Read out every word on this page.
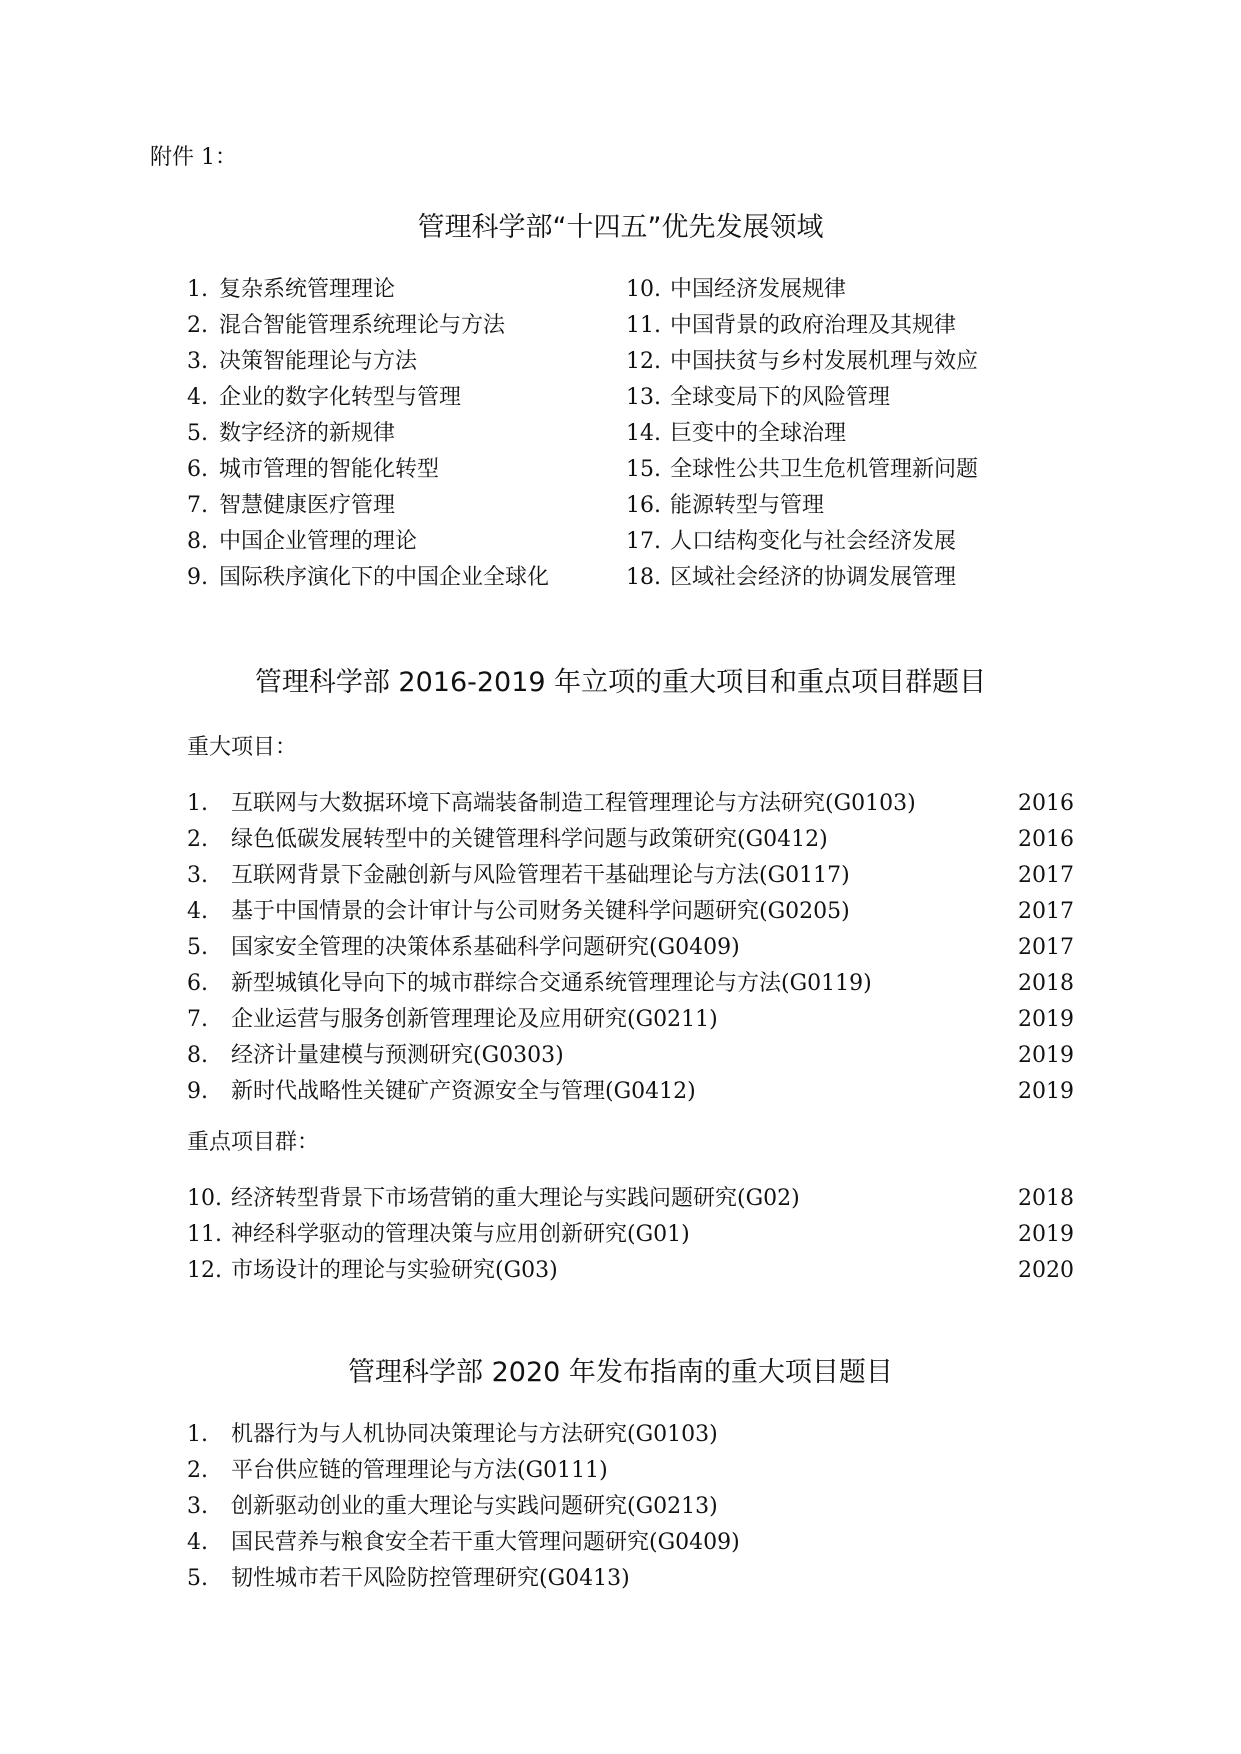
附件 1：
管理科学部“十四五”优先发展领域
1. 复杂系统管理理论
2. 混合智能管理系统理论与方法
3. 决策智能理论与方法
4. 企业的数字化转型与管理
5. 数字经济的新规律
6. 城市管理的智能化转型
7. 智慧健康医疗管理
8. 中国企业管理的理论
9. 国际秩序演化下的中国企业全球化
10. 中国经济发展规律
11. 中国背景的政府治理及其规律
12. 中国扶贫与乡村发展机理与效应
13. 全球变局下的风险管理
14. 巨变中的全球治理
15. 全球性公共卫生危机管理新问题
16. 能源转型与管理
17. 人口结构变化与社会经济发展
18. 区域社会经济的协调发展管理
管理科学部 2016-2019 年立项的重大项目和重点项目群题目
重大项目：
1. 互联网与大数据环境下高端装备制造工程管理理论与方法研究(G0103)	2016
2. 绿色低碳发展转型中的关键管理科学问题与政策研究(G0412)	2016
3. 互联网背景下金融创新与风险管理若干基础理论与方法(G0117)	2017
4. 基于中国情景的会计审计与公司财务关键科学问题研究(G0205)	2017
5. 国家安全管理的决策体系基础科学问题研究(G0409)	2017
6. 新型城镇化导向下的城市群综合交通系统管理理论与方法(G0119)	2018
7. 企业运营与服务创新管理理论及应用研究(G0211)	2019
8. 经济计量建模与预测研究(G0303)	2019
9. 新时代战略性关键矿产资源安全与管理(G0412)	2019
重点项目群：
10. 经济转型背景下市场营销的重大理论与实践问题研究(G02)	2018
11. 神经科学驱动的管理决策与应用创新研究(G01)	2019
12. 市场设计的理论与实验研究(G03)	2020
管理科学部 2020 年发布指南的重大项目题目
1. 机器行为与人机协同决策理论与方法研究(G0103)
2. 平台供应链的管理理论与方法(G0111)
3. 创新驱动创业的重大理论与实践问题研究(G0213)
4. 国民营养与粮食安全若干重大管理问题研究(G0409)
5. 韧性城市若干风险防控管理研究(G0413)
